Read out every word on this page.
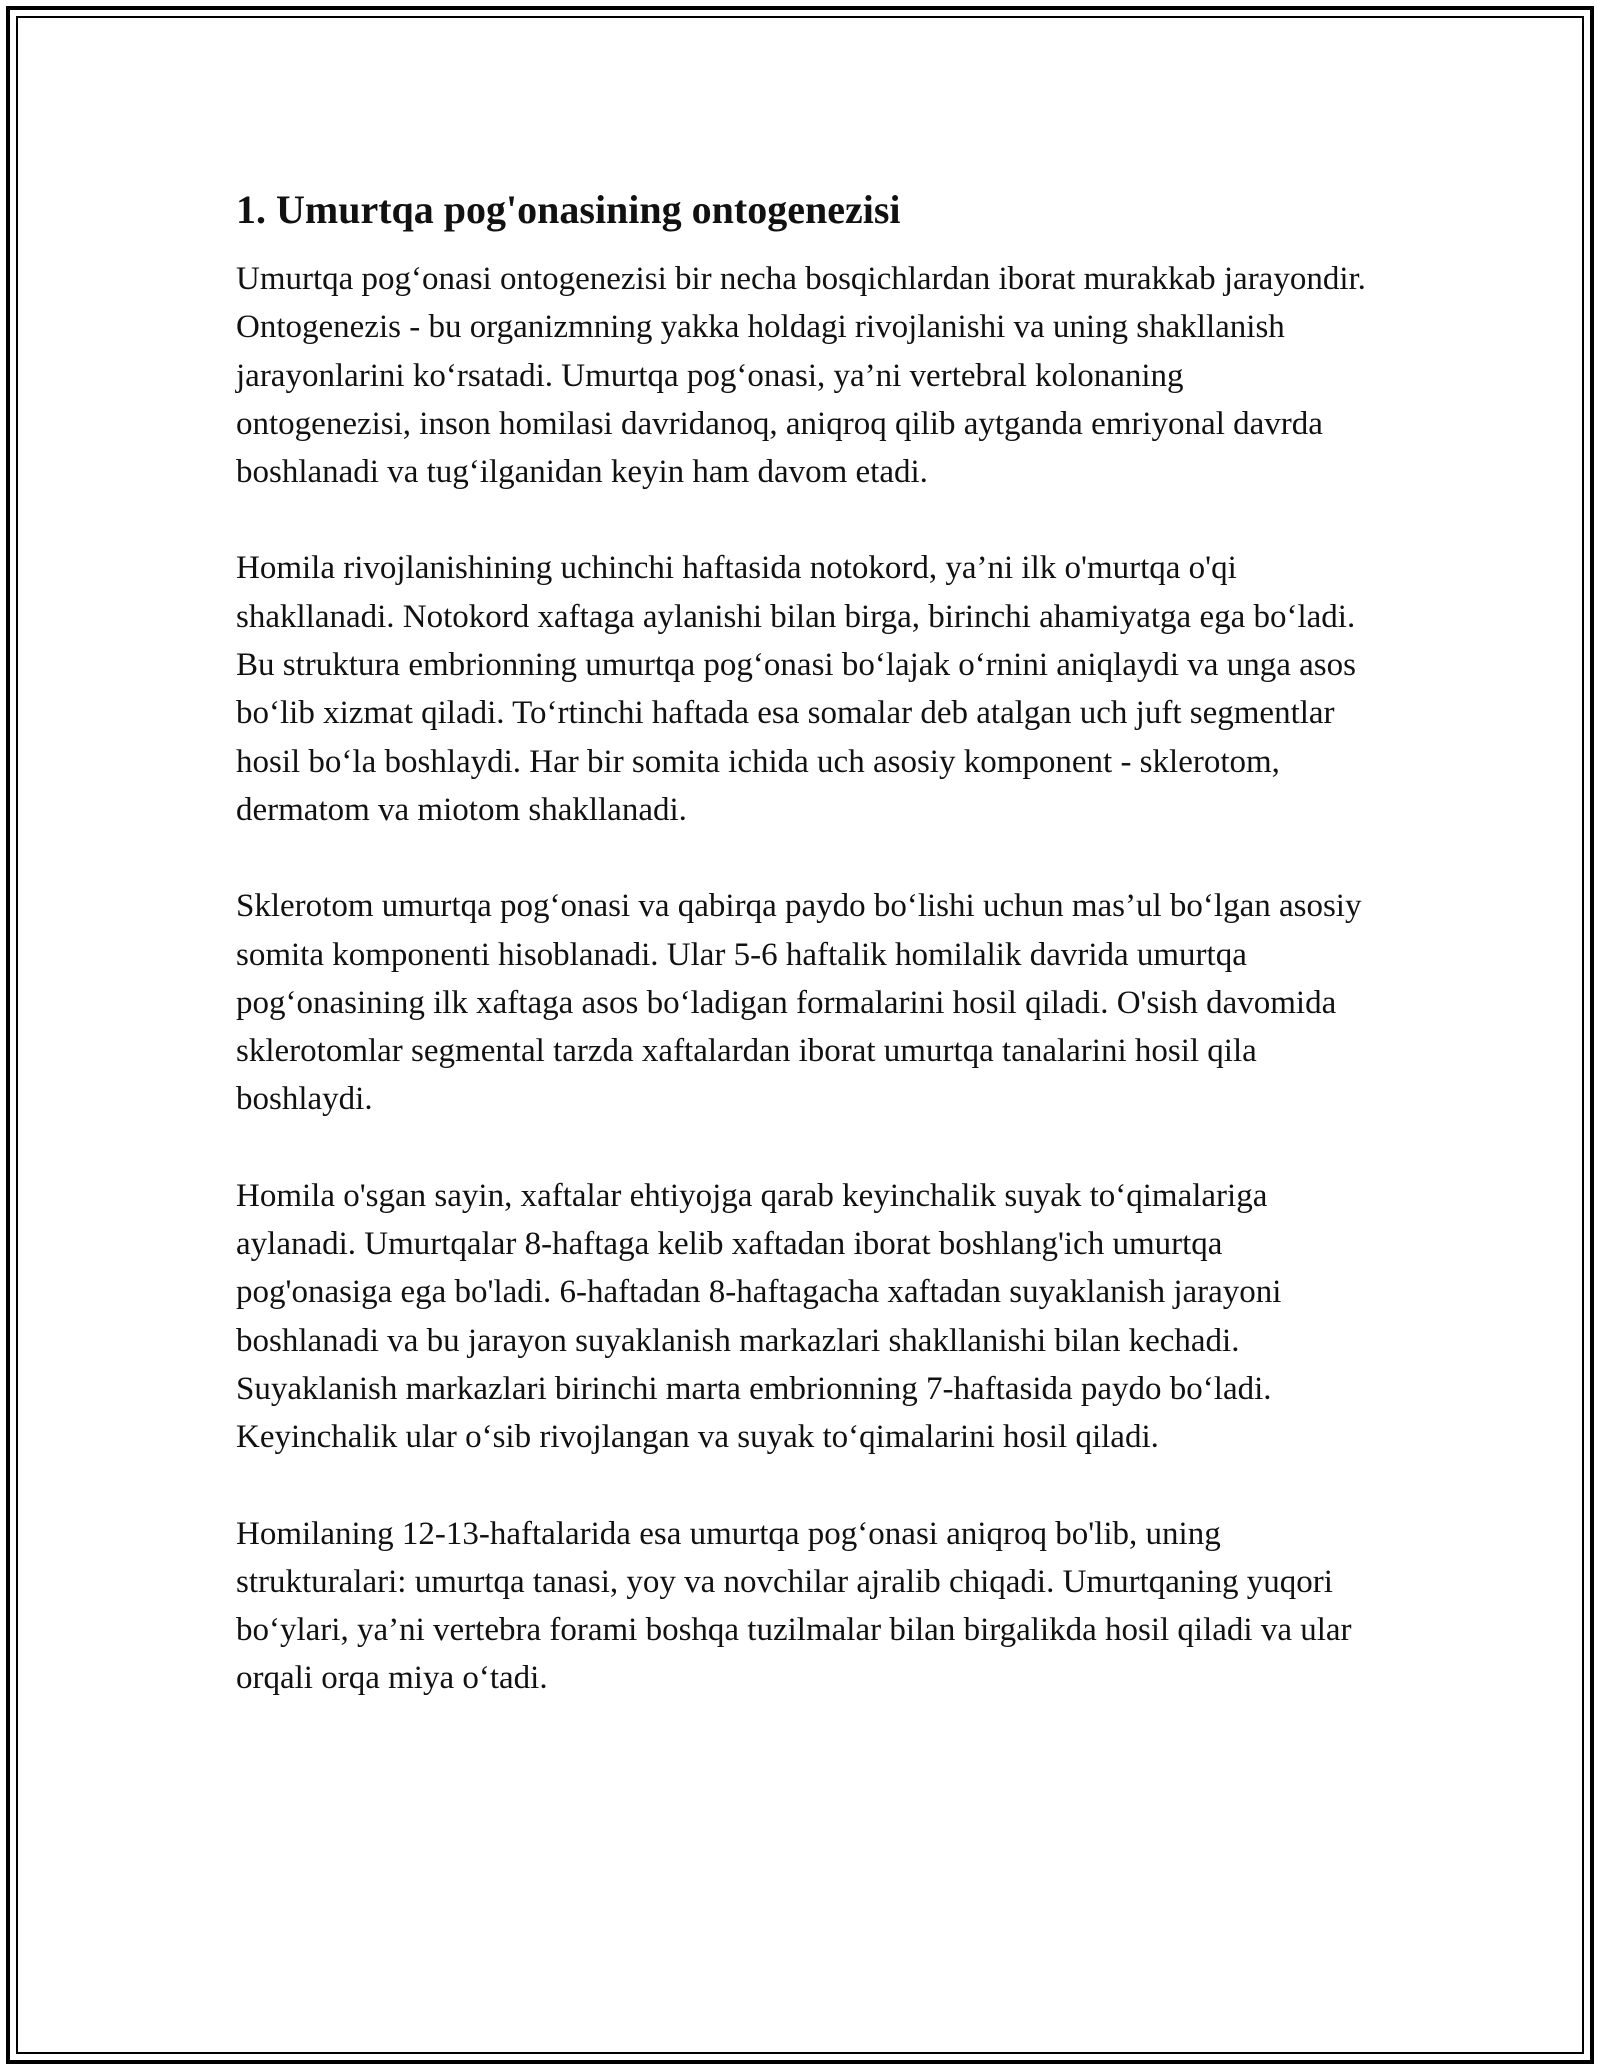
1. Umurtqa pog'onasining ontogenezisi

Umurtqa pog‘onasi ontogenezisi bir necha bosqichlardan iborat murakkab jarayondir. Ontogenezis - bu organizmning yakka holdagi rivojlanishi va uning shakllanish jarayonlarini ko‘rsatadi. Umurtqa pog‘onasi, ya’ni vertebral kolonaning ontogenezisi, inson homilasi davridanoq, aniqroq qilib aytganda emriyonal davrda boshlanadi va tug‘ilganidan keyin ham davom etadi.

Homila rivojlanishining uchinchi haftasida notokord, ya’ni ilk o'murtqa o'qi shakllanadi. Notokord xaftaga aylanishi bilan birga, birinchi ahamiyatga ega bo‘ladi. Bu struktura embrionning umurtqa pog‘onasi bo‘lajak o‘rnini aniqlaydi va unga asos bo‘lib xizmat qiladi. To‘rtinchi haftada esa somalar deb atalgan uch juft segmentlar hosil bo‘la boshlaydi. Har bir somita ichida uch asosiy komponent - sklerotom, dermatom va miotom shakllanadi.

Sklerotom umurtqa pog‘onasi va qabirqa paydo bo‘lishi uchun mas’ul bo‘lgan asosiy somita komponenti hisoblanadi. Ular 5-6 haftalik homilalik davrida umurtqa pog‘onasining ilk xaftaga asos bo‘ladigan formalarini hosil qiladi. O'sish davomida sklerotomlar segmental tarzda xaftalardan iborat umurtqa tanalarini hosil qila boshlaydi.

Homila o'sgan sayin, xaftalar ehtiyojga qarab keyinchalik suyak to‘qimalariga aylanadi. Umurtqalar 8-haftaga kelib xaftadan iborat boshlang'ich umurtqa pog'onasiga ega bo'ladi. 6-haftadan 8-haftagacha xaftadan suyaklanish jarayoni boshlanadi va bu jarayon suyaklanish markazlari shakllanishi bilan kechadi. Suyaklanish markazlari birinchi marta embrionning 7-haftasida paydo bo‘ladi. Keyinchalik ular o‘sib rivojlangan va suyak to‘qimalarini hosil qiladi.

Homilaning 12-13-haftalarida esa umurtqa pog‘onasi aniqroq bo'lib, uning strukturalari: umurtqa tanasi, yoy va novchilar ajralib chiqadi. Umurtqaning yuqori bo‘ylari, ya’ni vertebra forami boshqa tuzilmalar bilan birgalikda hosil qiladi va ular orqali orqa miya o‘tadi.
